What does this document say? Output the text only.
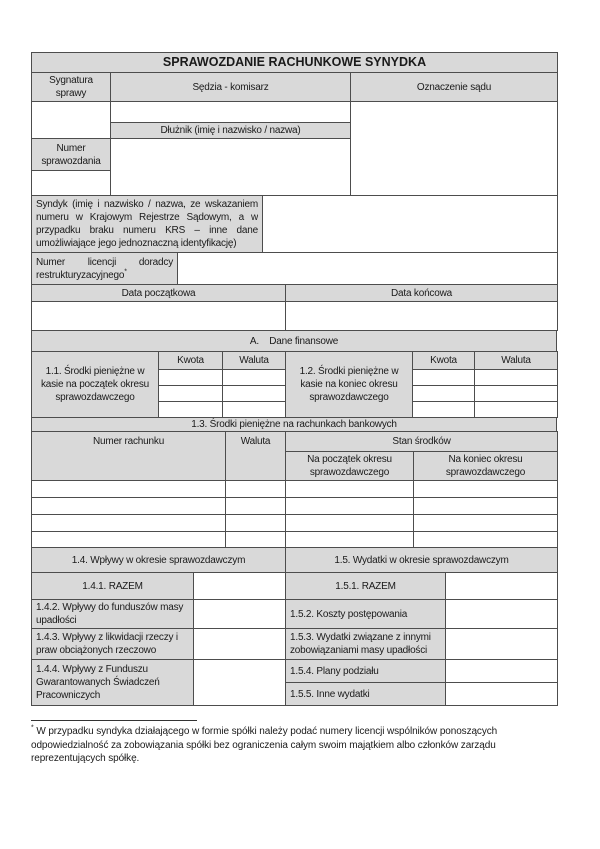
SPRAWOZDANIE RACHUNKOWE SYNYDKA		
Sygnatura sprawy	Sędzia - komisarz	Oznaczenie sądu

	Dłużnik (imię i nazwisko / nazwa)	
Numer sprawozdania		

Syndyk (imię i nazwisko / nazwa, ze wskazaniem numeru w Krajowym Rejestrze Sądowym, a w przypadku braku numeru KRS – inne dane umożliwiające jego jednoznaczną identyfikację)		

Numer licencji doradcy restrukturyzacyjnego*	
Data początkowa	Data końcowa

A.    Dane finansowe
1.1. Środki pieniężne w kasie na początek okresu sprawozdawczego	Kwota	Waluta	1.2. Środki pieniężne w kasie na koniec okresu sprawozdawczego	Kwota	Waluta

1.3. Środki pieniężne na rachunkach bankowych
Numer rachunku	Waluta	Stan środków	
		Na początek okresu sprawozdawczego	Na koniec okresu sprawozdawczego

1.4. Wpływy w okresie sprawozdawczym		1.5. Wydatki w okresie sprawozdawczym	
1.4.1. RAZEM		1.5.1. RAZEM	
1.4.2. Wpływy do funduszów masy upadłości		1.5.2. Koszty postępowania	

1.4.3. Wpływy z likwidacji rzeczy i praw obciążonych rzeczowo		1.5.3. Wydatki związane z innymi zobowiązaniami masy upadłości	

1.4.4. Wpływy z Funduszu Gwarantowanych Świadczeń Pracowniczych		1.5.4. Plany podziału	
		1.5.5. Inne wydatki	

* W przypadku syndyka działającego w formie spółki należy podać numery licencji wspólników ponoszących odpowiedzialność za zobowiązania spółki bez ograniczenia całym swoim majątkiem albo członków zarządu reprezentujących spółkę.
